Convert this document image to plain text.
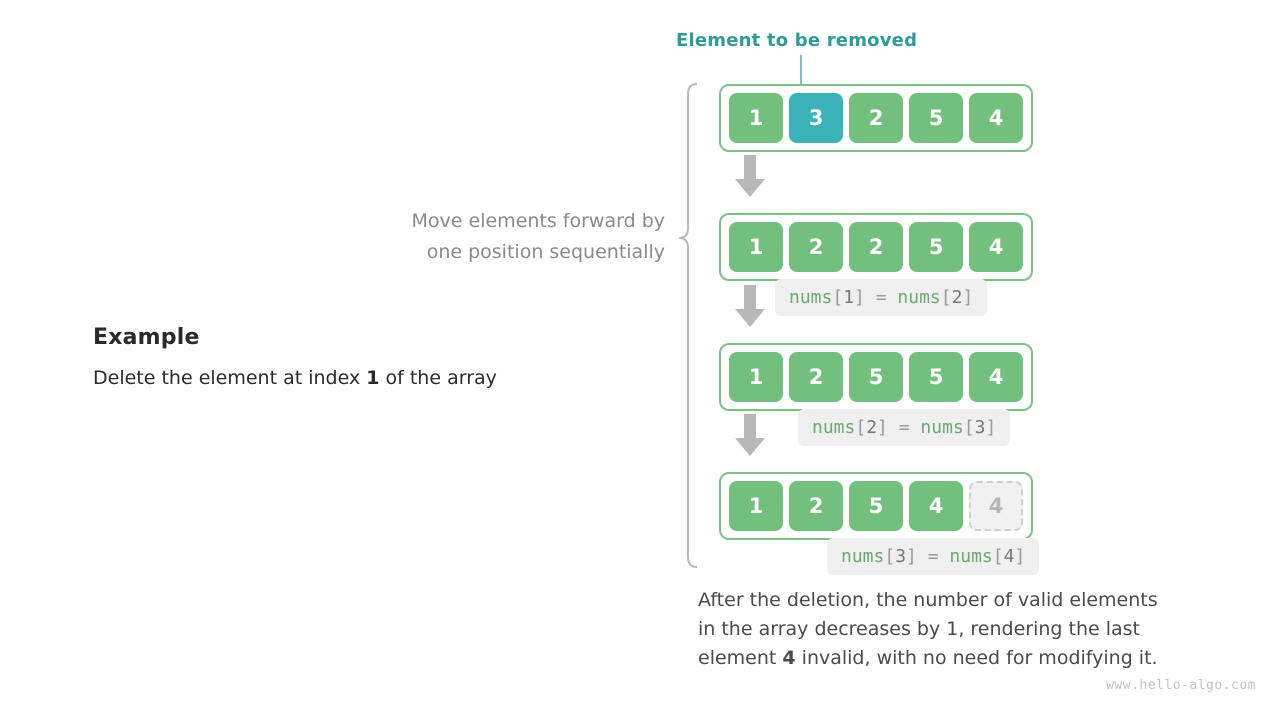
Element to be removed
Example
Delete the element at index 1 of the array
Move elements forward by
one position sequentially
1	3	2	5	4
1	2	2	5	4
1	2	5	5	4
1	2	5	4	4
nums[1] = nums[2]
nums[2] = nums[3]
nums[3] = nums[4]
After the deletion, the number of valid elements
in the array decreases by 1, rendering the last
element 4 invalid, with no need for modifying it.
www.hello-algo.com
